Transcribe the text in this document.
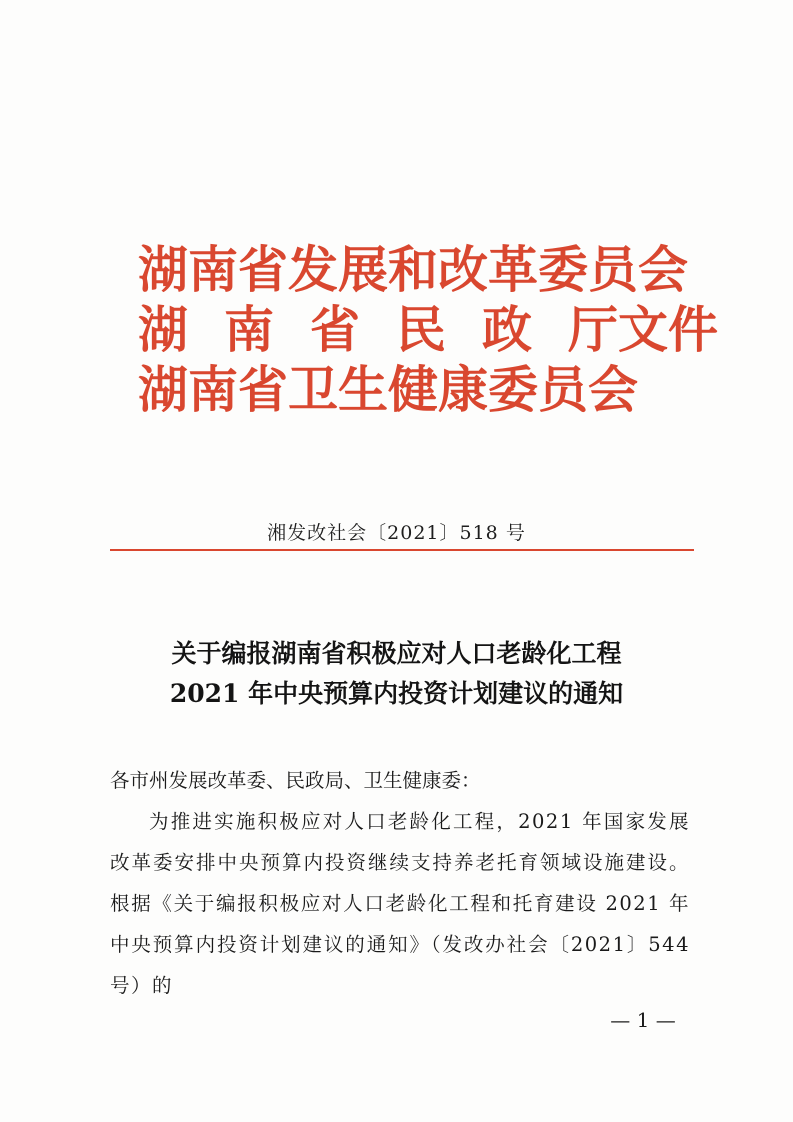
湖南省发展和改革委员会
湖 南 省 民 政 厅文件
湖南省卫生健康委员会
湘发改社会〔2021〕518 号
关于编报湖南省积极应对人口老龄化工程
2021 年中央预算内投资计划建议的通知

各市州发展改革委、民政局、卫生健康委：

为推进实施积极应对人口老龄化工程，2021 年国家发展改革委安排中央预算内投资继续支持养老托育领域设施建设。根据《关于编报积极应对人口老龄化工程和托育建设 2021 年中央预算内投资计划建议的通知》（发改办社会〔2021〕544 号）的

— 1 —
